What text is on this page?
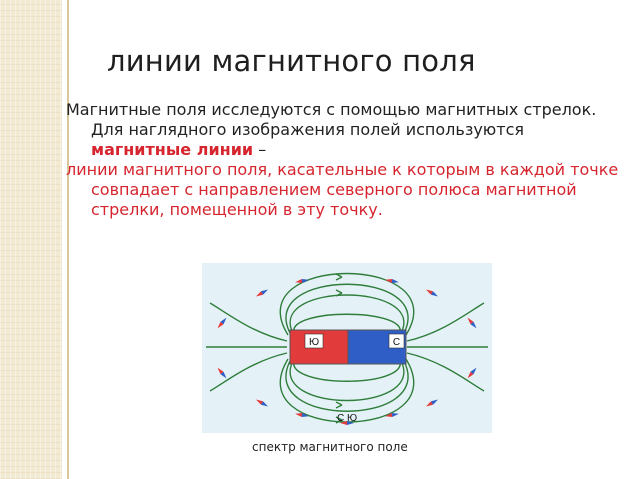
линии магнитного поля

Магнитные поля исследуются с помощью магнитных стрелок. Для наглядного изображения полей используются магнитные линии –

линии магнитного поля, касательные к которым в каждой точке совпадает с направлением северного полюса магнитной стрелки, помещенной в эту точку.

Ю	С
С Ю
спектр магнитного поле
